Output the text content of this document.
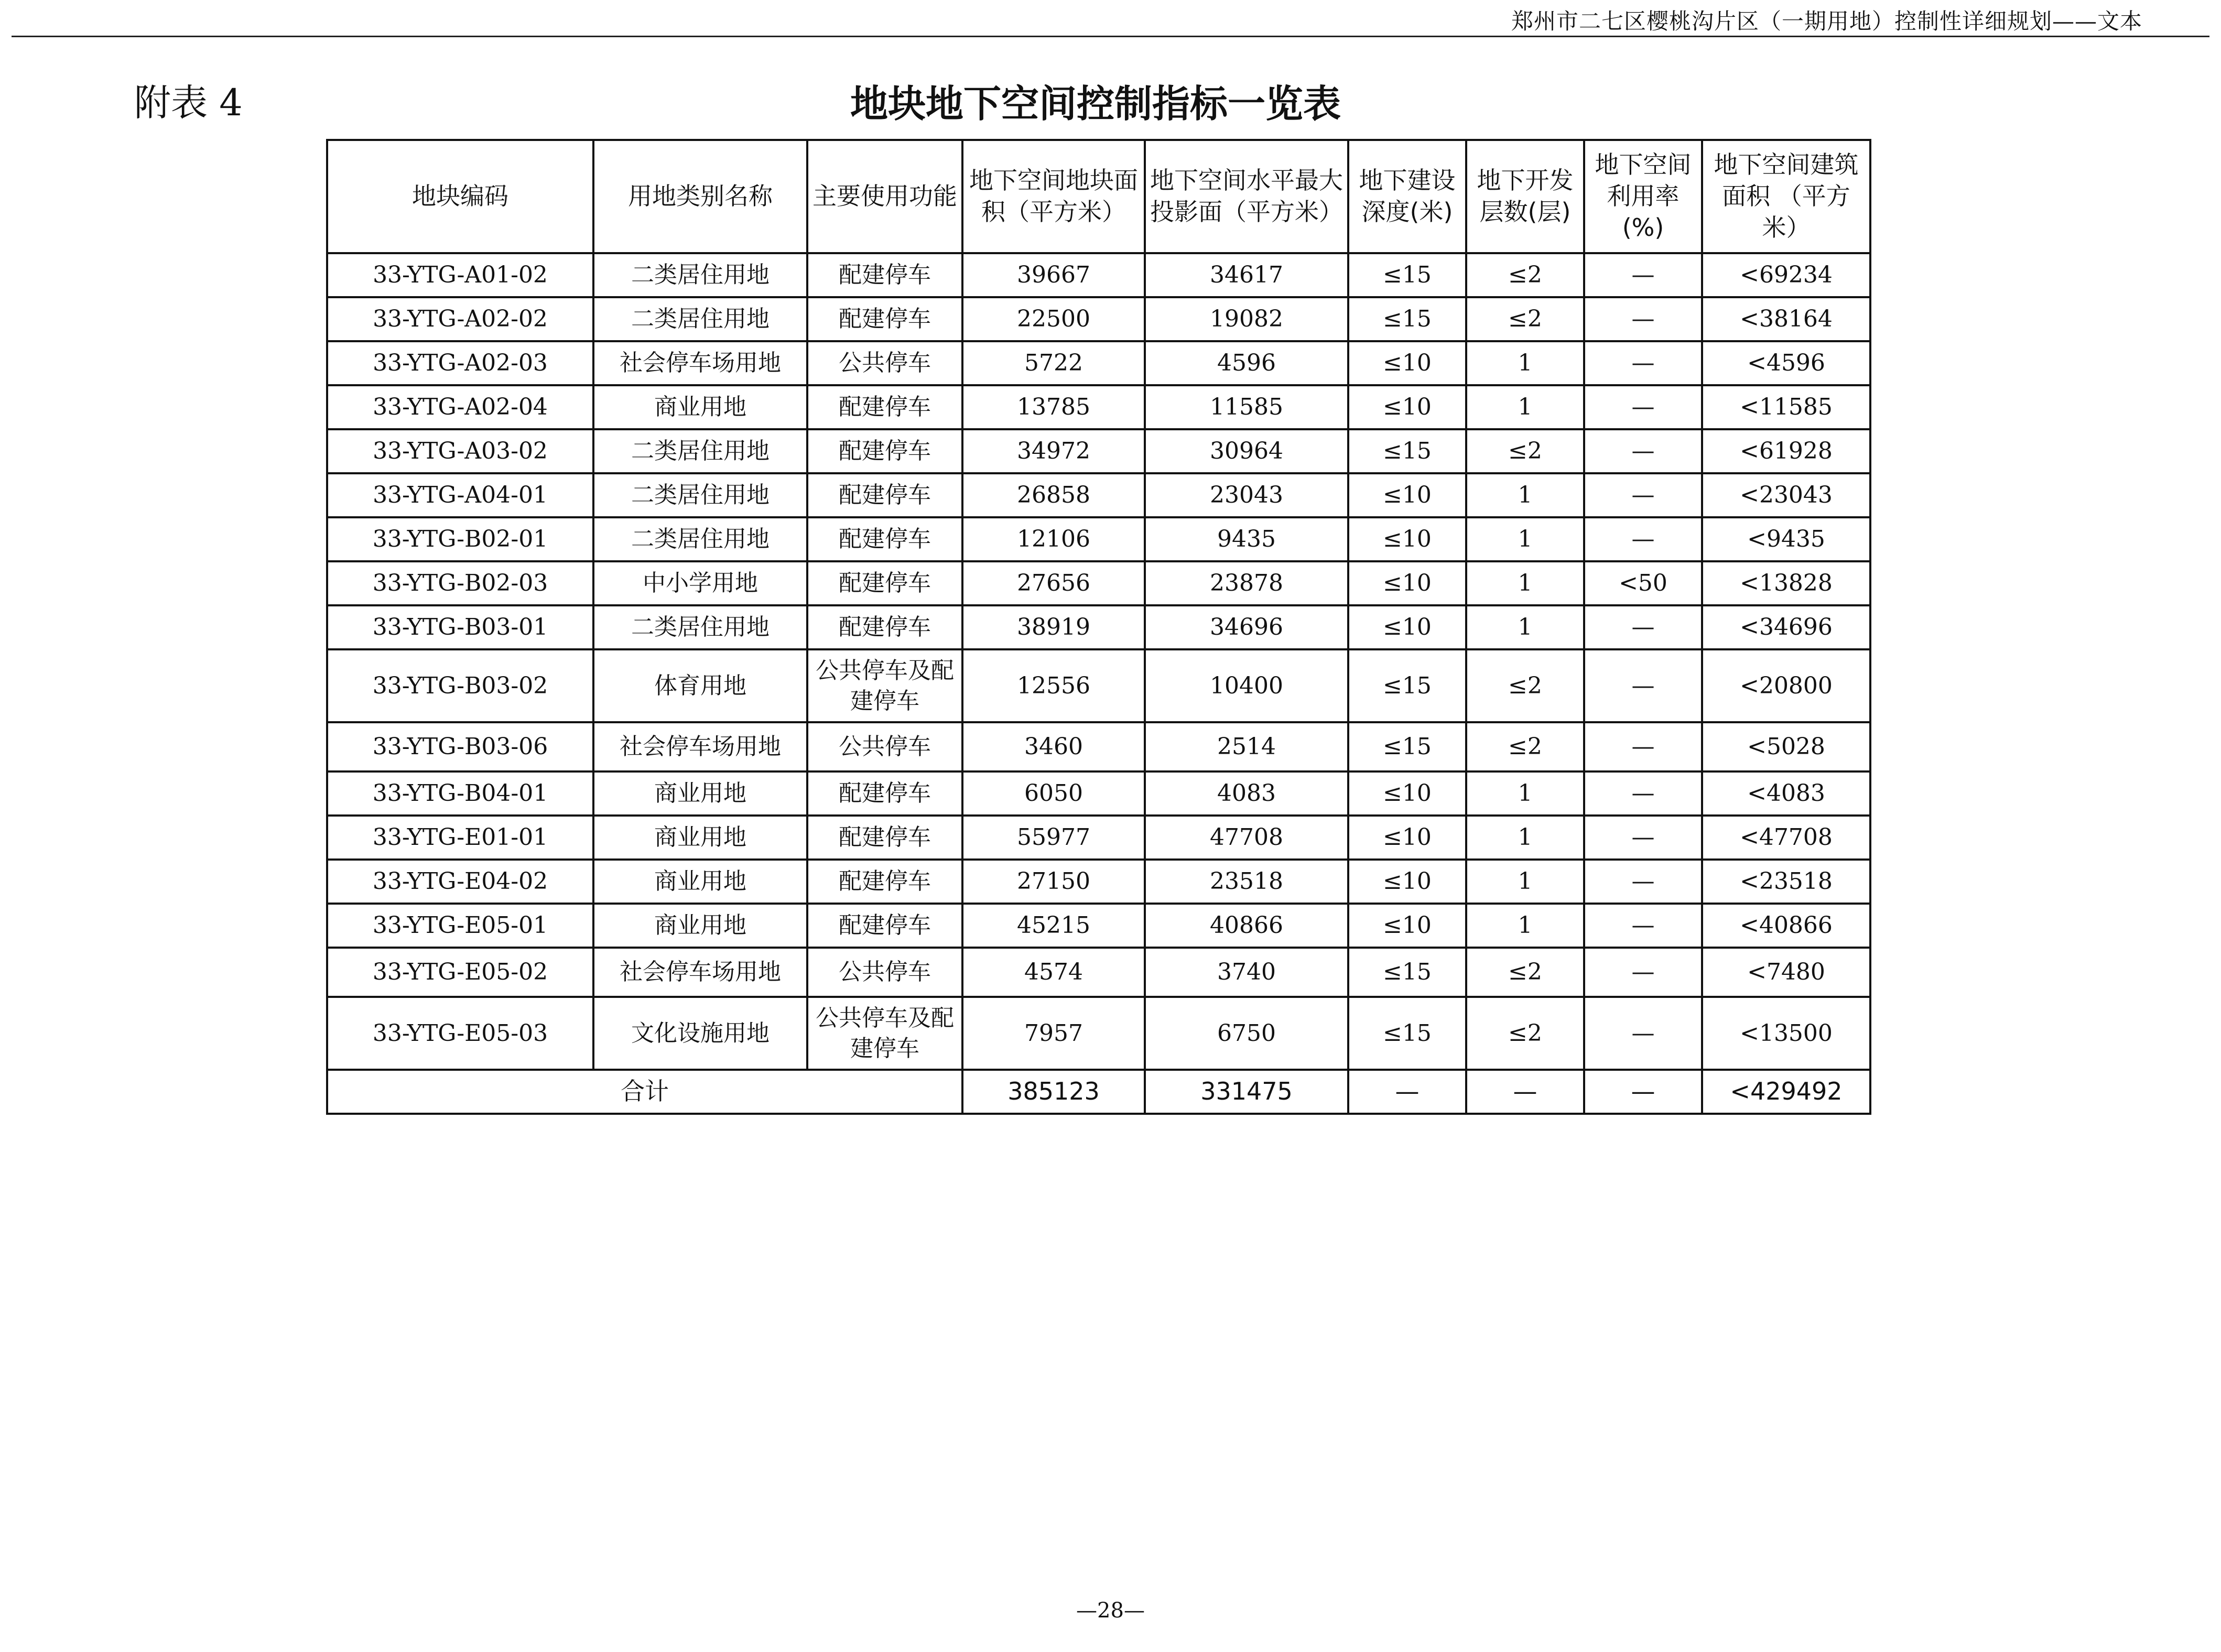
郑州市二七区樱桃沟片区（一期用地）控制性详细规划——文本
附表 4	地块地下空间控制指标一览表
地块编码	用地类别名称	主要使用功能	地下空间地块面积（平方米）	地下空间水平最大投影面（平方米）	地下建设深度(米)	地下开发层数(层)	地下空间利用率(%)	地下空间建筑面积 （平方米）
33-YTG-A01-02	二类居住用地	配建停车	39667	34617	≤15	≤2	—	<69234
33-YTG-A02-02	二类居住用地	配建停车	22500	19082	≤15	≤2	—	<38164
33-YTG-A02-03	社会停车场用地	公共停车	5722	4596	≤10	1	—	<4596
33-YTG-A02-04	商业用地	配建停车	13785	11585	≤10	1	—	<11585
33-YTG-A03-02	二类居住用地	配建停车	34972	30964	≤15	≤2	—	<61928
33-YTG-A04-01	二类居住用地	配建停车	26858	23043	≤10	1	—	<23043
33-YTG-B02-01	二类居住用地	配建停车	12106	9435	≤10	1	—	<9435
33-YTG-B02-03	中小学用地	配建停车	27656	23878	≤10	1	<50	<13828
33-YTG-B03-01	二类居住用地	配建停车	38919	34696	≤10	1	—	<34696
33-YTG-B03-02	体育用地	公共停车及配建停车	12556	10400	≤15	≤2	—	<20800
33-YTG-B03-06	社会停车场用地	公共停车	3460	2514	≤15	≤2	—	<5028
33-YTG-B04-01	商业用地	配建停车	6050	4083	≤10	1	—	<4083
33-YTG-E01-01	商业用地	配建停车	55977	47708	≤10	1	—	<47708
33-YTG-E04-02	商业用地	配建停车	27150	23518	≤10	1	—	<23518
33-YTG-E05-01	商业用地	配建停车	45215	40866	≤10	1	—	<40866
33-YTG-E05-02	社会停车场用地	公共停车	4574	3740	≤15	≤2	—	<7480
33-YTG-E05-03	文化设施用地	公共停车及配建停车	7957	6750	≤15	≤2	—	<13500
合计			385123	331475	—	—	—	<429492
—28—
